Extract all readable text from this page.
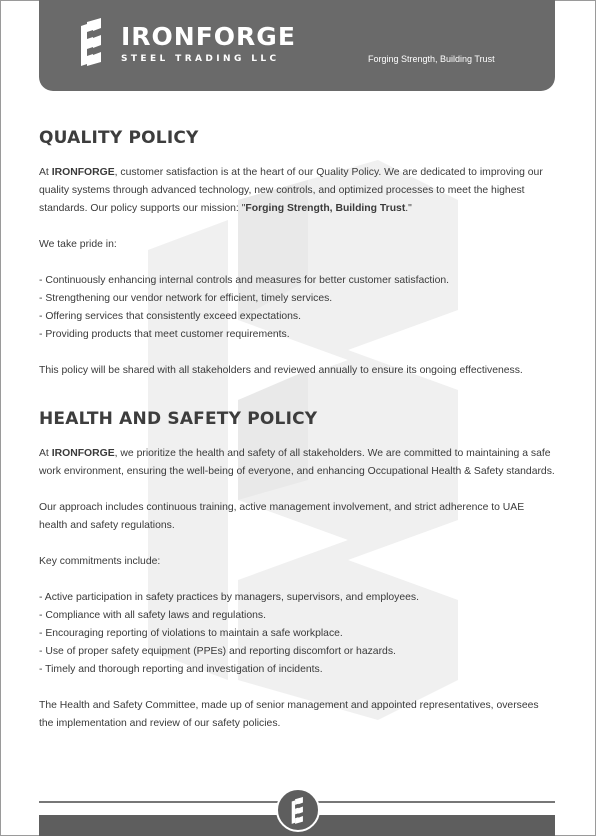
IRONFORGE
STEEL TRADING LLC	Forging Strength, Building Trust
QUALITY POLICY

At IRONFORGE, customer satisfaction is at the heart of our Quality Policy. We are dedicated to improving our quality systems through advanced technology, new controls, and optimized processes to meet the highest standards. Our policy supports our mission: "Forging Strength, Building Trust."

We take pride in:

- Continuously enhancing internal controls and measures for better customer satisfaction.

- Strengthening our vendor network for efficient, timely services.

- Offering services that consistently exceed expectations.

- Providing products that meet customer requirements.

This policy will be shared with all stakeholders and reviewed annually to ensure its ongoing effectiveness.

HEALTH AND SAFETY POLICY

At IRONFORGE, we prioritize the health and safety of all stakeholders. We are committed to maintaining a safe work environment, ensuring the well-being of everyone, and enhancing Occupational Health & Safety standards.

Our approach includes continuous training, active management involvement, and strict adherence to UAE health and safety regulations.

Key commitments include:

- Active participation in safety practices by managers, supervisors, and employees.

- Compliance with all safety laws and regulations.

- Encouraging reporting of violations to maintain a safe workplace.

- Use of proper safety equipment (PPEs) and reporting discomfort or hazards.

- Timely and thorough reporting and investigation of incidents.

The Health and Safety Committee, made up of senior management and appointed representatives, oversees the implementation and review of our safety policies.
